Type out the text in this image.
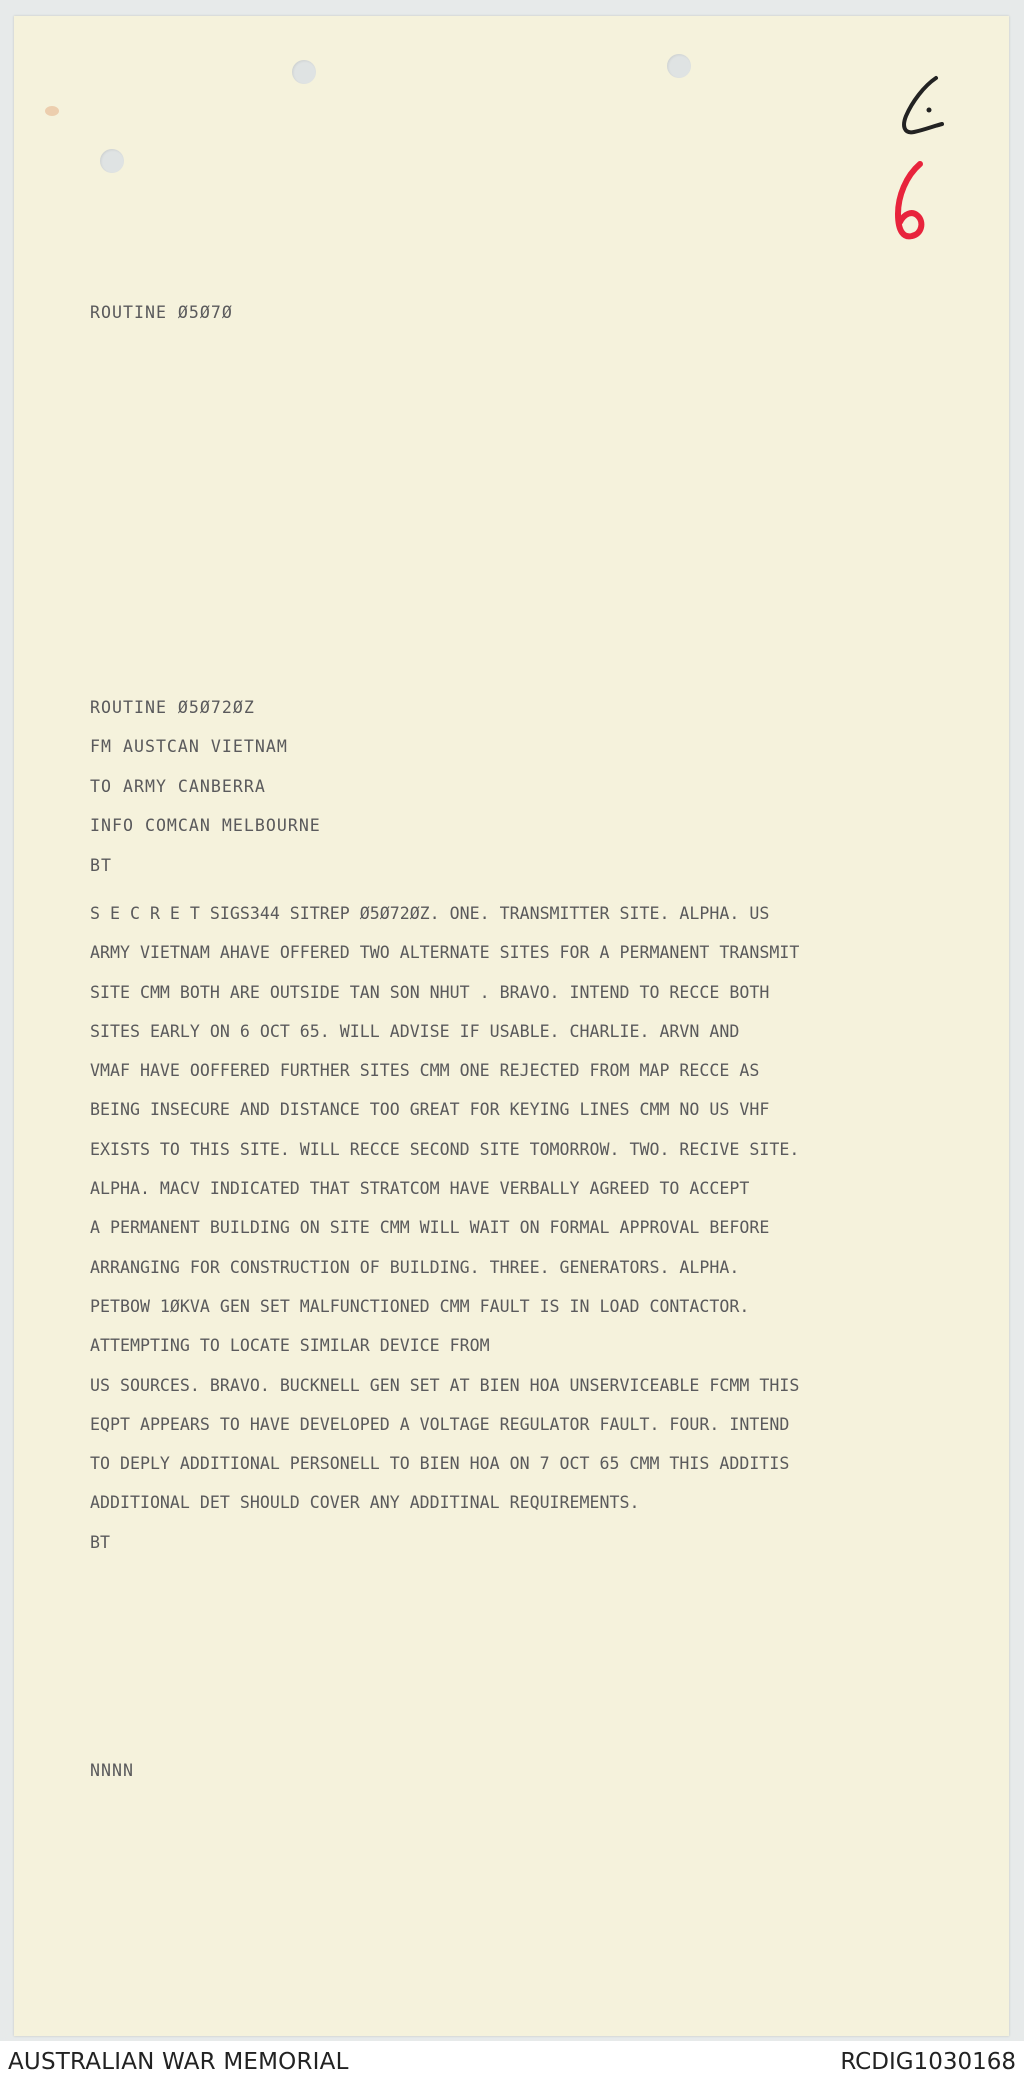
ROUTINE Ø5Ø7Ø

ROUTINE Ø5Ø72ØZ

FM AUSTCAN VIETNAM

TO ARMY CANBERRA

INFO COMCAN MELBOURNE

BT

S E C R E T SIGS344 SITREP Ø5Ø72ØZ. ONE. TRANSMITTER SITE. ALPHA. US
ARMY VIETNAM AHAVE OFFERED TWO ALTERNATE SITES FOR A PERMANENT TRANSMIT
SITE CMM BOTH ARE OUTSIDE TAN SON NHUT . BRAVO. INTEND TO RECCE BOTH
SITES EARLY ON 6 OCT 65. WILL ADVISE IF USABLE. CHARLIE. ARVN AND
VMAF HAVE OOFFERED FURTHER SITES CMM ONE REJECTED FROM MAP RECCE AS
BEING INSECURE AND DISTANCE TOO GREAT FOR KEYING LINES CMM NO US VHF
EXISTS TO THIS SITE. WILL RECCE SECOND SITE TOMORROW. TWO. RECIVE SITE.
ALPHA. MACV INDICATED THAT STRATCOM HAVE VERBALLY AGREED TO ACCEPT
A PERMANENT BUILDING ON SITE CMM WILL WAIT ON FORMAL APPROVAL BEFORE
ARRANGING FOR CONSTRUCTION OF BUILDING. THREE. GENERATORS. ALPHA.
PETBOW 1ØKVA GEN SET MALFUNCTIONED CMM FAULT IS IN LOAD CONTACTOR.
ATTEMPTING TO LOCATE SIMILAR DEVICE FROM
US SOURCES. BRAVO. BUCKNELL GEN SET AT BIEN HOA UNSERVICEABLE FCMM THIS
EQPT APPEARS TO HAVE DEVELOPED A VOLTAGE REGULATOR FAULT. FOUR. INTEND
TO DEPLY ADDITIONAL PERSONELL TO BIEN HOA ON 7 OCT 65 CMM THIS ADDITIS
ADDITIONAL DET SHOULD COVER ANY ADDITINAL REQUIREMENTS.
BT

NNNN

AUSTRALIAN WAR MEMORIAL	RCDIG1030168
